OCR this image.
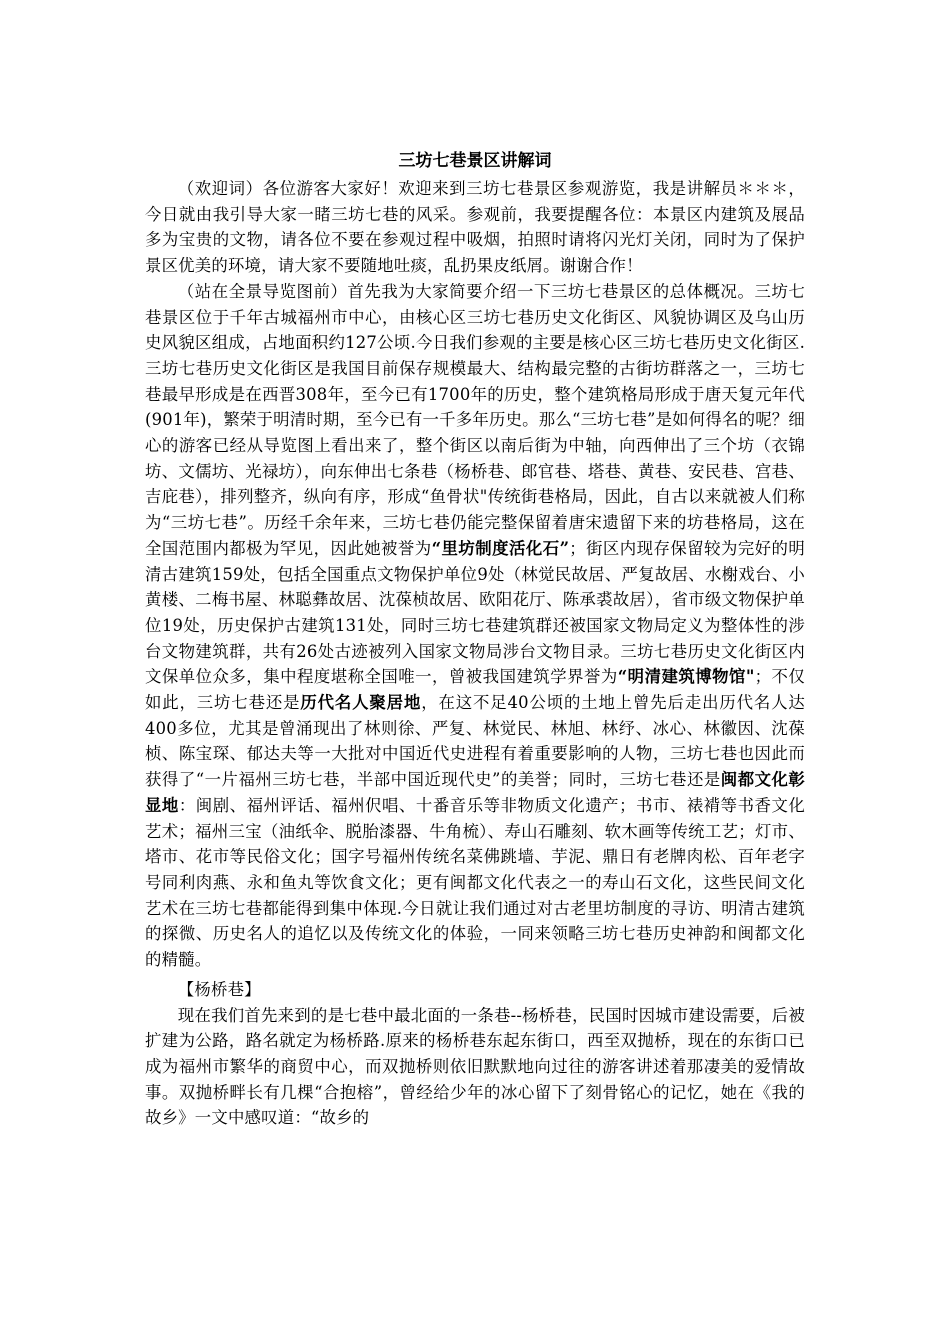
三坊七巷景区讲解词

（欢迎词）各位游客大家好！欢迎来到三坊七巷景区参观游览，我是讲解员＊＊＊，今日就由我引导大家一睹三坊七巷的风采。参观前，我要提醒各位：本景区内建筑及展品多为宝贵的文物，请各位不要在参观过程中吸烟，拍照时请将闪光灯关闭，同时为了保护景区优美的环境，请大家不要随地吐痰，乱扔果皮纸屑。谢谢合作！

（站在全景导览图前）首先我为大家简要介绍一下三坊七巷景区的总体概况。三坊七巷景区位于千年古城福州市中心，由核心区三坊七巷历史文化街区、风貌协调区及乌山历史风貌区组成，占地面积约127公顷.今日我们参观的主要是核心区三坊七巷历史文化街区.三坊七巷历史文化街区是我国目前保存规模最大、结构最完整的古街坊群落之一，三坊七巷最早形成是在西晋308年，至今已有1700年的历史，整个建筑格局形成于唐天复元年代(901年)，繁荣于明清时期，至今已有一千多年历史。那么“三坊七巷”是如何得名的呢？细心的游客已经从导览图上看出来了，整个街区以南后街为中轴，向西伸出了三个坊（衣锦坊、文儒坊、光禄坊），向东伸出七条巷（杨桥巷、郎官巷、塔巷、黄巷、安民巷、宫巷、吉庇巷），排列整齐，纵向有序，形成“鱼骨状"传统街巷格局，因此，自古以来就被人们称为“三坊七巷”。历经千余年来，三坊七巷仍能完整保留着唐宋遗留下来的坊巷格局，这在全国范围内都极为罕见，因此她被誉为“里坊制度活化石”；街区内现存保留较为完好的明清古建筑159处，包括全国重点文物保护单位9处（林觉民故居、严复故居、水榭戏台、小黄楼、二梅书屋、林聪彝故居、沈葆桢故居、欧阳花厅、陈承裘故居），省市级文物保护单位19处，历史保护古建筑131处，同时三坊七巷建筑群还被国家文物局定义为整体性的涉台文物建筑群，共有26处古迹被列入国家文物局涉台文物目录。三坊七巷历史文化街区内文保单位众多，集中程度堪称全国唯一，曾被我国建筑学界誉为“明清建筑博物馆"；不仅如此，三坊七巷还是历代名人聚居地，在这不足40公顷的土地上曾先后走出历代名人达400多位，尤其是曾涌现出了林则徐、严复、林觉民、林旭、林纾、冰心、林徽因、沈葆桢、陈宝琛、郁达夫等一大批对中国近代史进程有着重要影响的人物，三坊七巷也因此而获得了“一片福州三坊七巷，半部中国近现代史”的美誉；同时，三坊七巷还是闽都文化彰显地：闽剧、福州评话、福州伬唱、十番音乐等非物质文化遗产；书市、裱褙等书香文化艺术；福州三宝（油纸伞、脱胎漆器、牛角梳）、寿山石雕刻、软木画等传统工艺；灯市、塔市、花市等民俗文化；国字号福州传统名菜佛跳墙、芋泥、鼎日有老牌肉松、百年老字号同利肉燕、永和鱼丸等饮食文化；更有闽都文化代表之一的寿山石文化，这些民间文化艺术在三坊七巷都能得到集中体现.今日就让我们通过对古老里坊制度的寻访、明清古建筑的探微、历史名人的追忆以及传统文化的体验，一同来领略三坊七巷历史神韵和闽都文化的精髓。

【杨桥巷】

现在我们首先来到的是七巷中最北面的一条巷--杨桥巷，民国时因城市建设需要，后被扩建为公路，路名就定为杨桥路.原来的杨桥巷东起东街口，西至双抛桥，现在的东街口已成为福州市繁华的商贸中心，而双抛桥则依旧默默地向过往的游客讲述着那凄美的爱情故事。双抛桥畔长有几棵“合抱榕”，曾经给少年的冰心留下了刻骨铭心的记忆，她在《我的故乡》一文中感叹道：“故乡的
